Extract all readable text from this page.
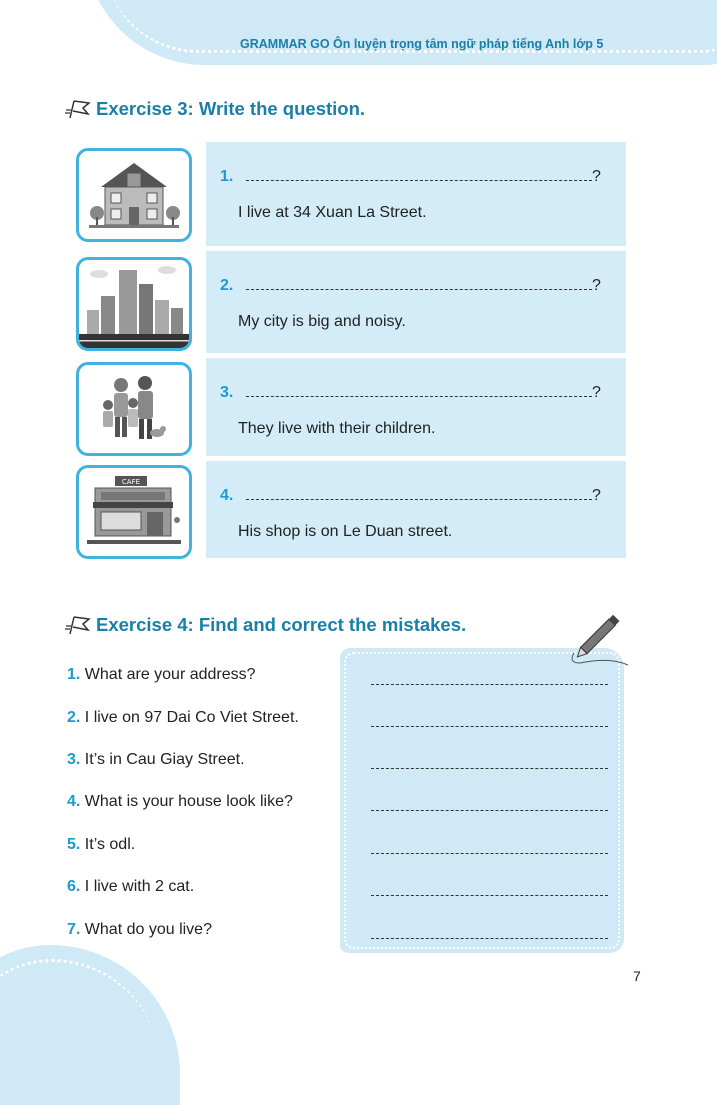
GRAMMAR GO Ôn luyện trọng tâm ngữ pháp tiếng Anh lớp 5
Exercise 3: Write the question.
1.	?
I live at 34 Xuan La Street.
2.	?
My city is big and noisy.
3.	?
They live with their children.
CAFE
4.	?
His shop is on Le Duan street.
Exercise 4: Find and correct the mistakes.
1. What are your address?
2. I live on 97 Dai Co Viet Street.
3. It’s in Cau Giay Street.
4. What is your house look like?
5. It’s odl.
6. I live with 2 cat.
7. What do you live?
7
